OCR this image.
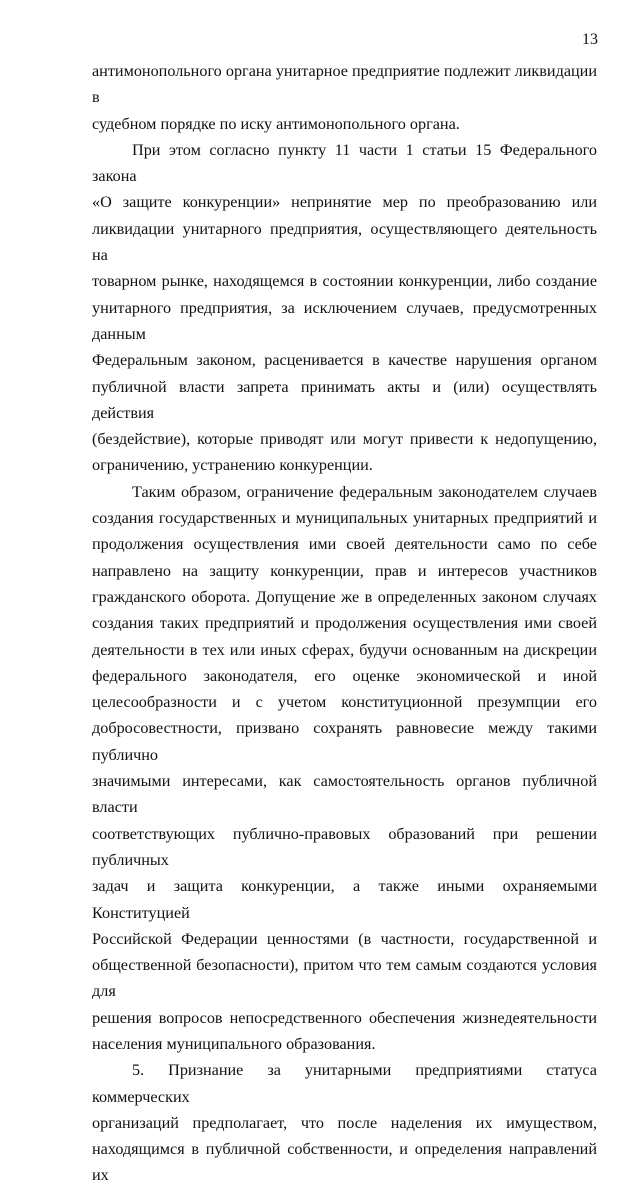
13

антимонопольного органа унитарное предприятие подлежит ликвидации в

судебном порядке по иску антимонопольного органа.

При этом согласно пункту 11 части 1 статьи 15 Федерального закона

«О защите конкуренции» непринятие мер по преобразованию или

ликвидации унитарного предприятия, осуществляющего деятельность на

товарном рынке, находящемся в состоянии конкуренции, либо создание

унитарного предприятия, за исключением случаев, предусмотренных данным

Федеральным законом, расценивается в качестве нарушения органом

публичной власти запрета принимать акты и (или) осуществлять действия

(бездействие), которые приводят или могут привести к недопущению,

ограничению, устранению конкуренции.

Таким образом, ограничение федеральным законодателем случаев

создания государственных и муниципальных унитарных предприятий и

продолжения осуществления ими своей деятельности само по себе

направлено на защиту конкуренции, прав и интересов участников

гражданского оборота. Допущение же в определенных законом случаях

создания таких предприятий и продолжения осуществления ими своей

деятельности в тех или иных сферах, будучи основанным на дискреции

федерального законодателя, его оценке экономической и иной

целесообразности и с учетом конституционной презумпции его

добросовестности, призвано сохранять равновесие между такими публично

значимыми интересами, как самостоятельность органов публичной власти

соответствующих публично-правовых образований при решении публичных

задач и защита конкуренции, а также иными охраняемыми Конституцией

Российской Федерации ценностями (в частности, государственной и

общественной безопасности), притом что тем самым создаются условия для

решения вопросов непосредственного обеспечения жизнедеятельности

населения муниципального образования.

5. Признание за унитарными предприятиями статуса коммерческих

организаций предполагает, что после наделения их имуществом,

находящимся в публичной собственности, и определения направлений их
